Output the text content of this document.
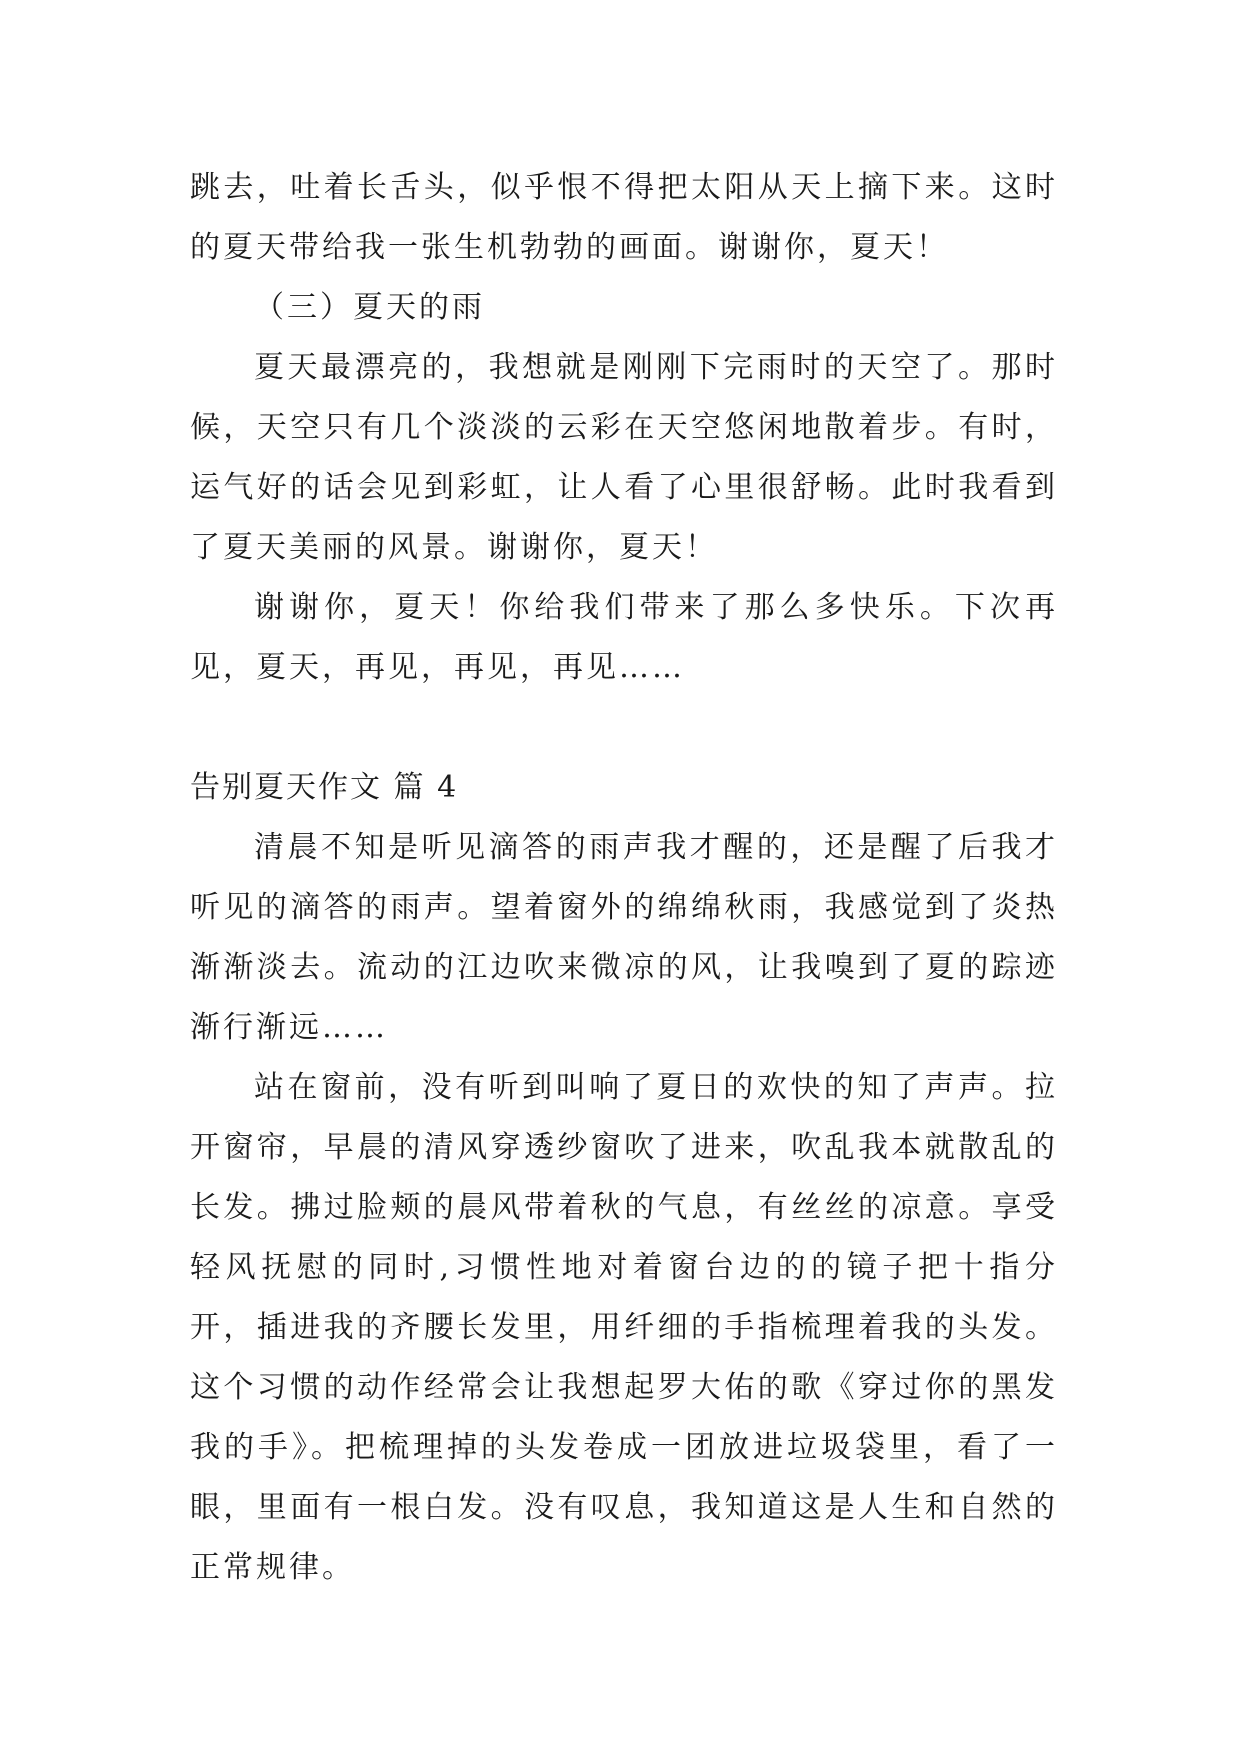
跳去，吐着长舌头，似乎恨不得把太阳从天上摘下来。这时的夏天带给我一张生机勃勃的画面。谢谢你，夏天！

（三）夏天的雨

夏天最漂亮的，我想就是刚刚下完雨时的天空了。那时候，天空只有几个淡淡的云彩在天空悠闲地散着步。有时，运气好的话会见到彩虹，让人看了心里很舒畅。此时我看到了夏天美丽的风景。谢谢你，夏天！

谢谢你，夏天！你给我们带来了那么多快乐。下次再见，夏天，再见，再见，再见……

告别夏天作文 篇 4

清晨不知是听见滴答的雨声我才醒的，还是醒了后我才听见的滴答的雨声。望着窗外的绵绵秋雨，我感觉到了炎热渐渐淡去。流动的江边吹来微凉的风，让我嗅到了夏的踪迹渐行渐远……

站在窗前，没有听到叫响了夏日的欢快的知了声声。拉开窗帘，早晨的清风穿透纱窗吹了进来，吹乱我本就散乱的长发。拂过脸颊的晨风带着秋的气息，有丝丝的凉意。享受轻风抚慰的同时,习惯性地对着窗台边的的镜子把十指分开，插进我的齐腰长发里，用纤细的手指梳理着我的头发。这个习惯的动作经常会让我想起罗大佑的歌《穿过你的黑发我的手》。把梳理掉的头发卷成一团放进垃圾袋里，看了一眼，里面有一根白发。没有叹息，我知道这是人生和自然的正常规律。
